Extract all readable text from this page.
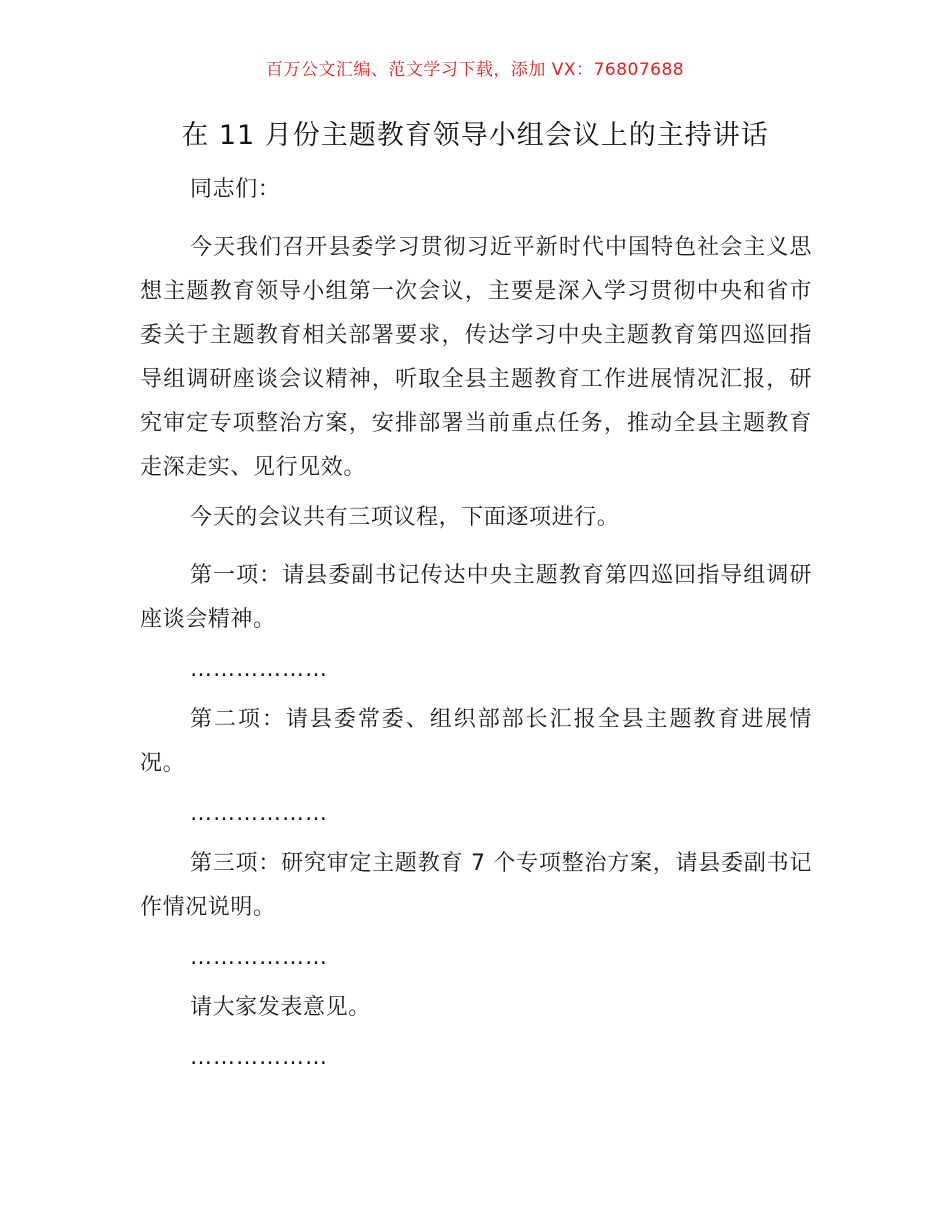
百万公文汇编、范文学习下载，添加 VX：76807688
在 11 月份主题教育领导小组会议上的主持讲话

同志们：

今天我们召开县委学习贯彻习近平新时代中国特色社会主义思想主题教育领导小组第一次会议，主要是深入学习贯彻中央和省市委关于主题教育相关部署要求，传达学习中央主题教育第四巡回指导组调研座谈会议精神，听取全县主题教育工作进展情况汇报，研究审定专项整治方案，安排部署当前重点任务，推动全县主题教育走深走实、见行见效。

今天的会议共有三项议程，下面逐项进行。

第一项：请县委副书记传达中央主题教育第四巡回指导组调研座谈会精神。

………………

第二项：请县委常委、组织部部长汇报全县主题教育进展情况。

………………

第三项：研究审定主题教育 7 个专项整治方案，请县委副书记作情况说明。

………………

请大家发表意见。

………………
